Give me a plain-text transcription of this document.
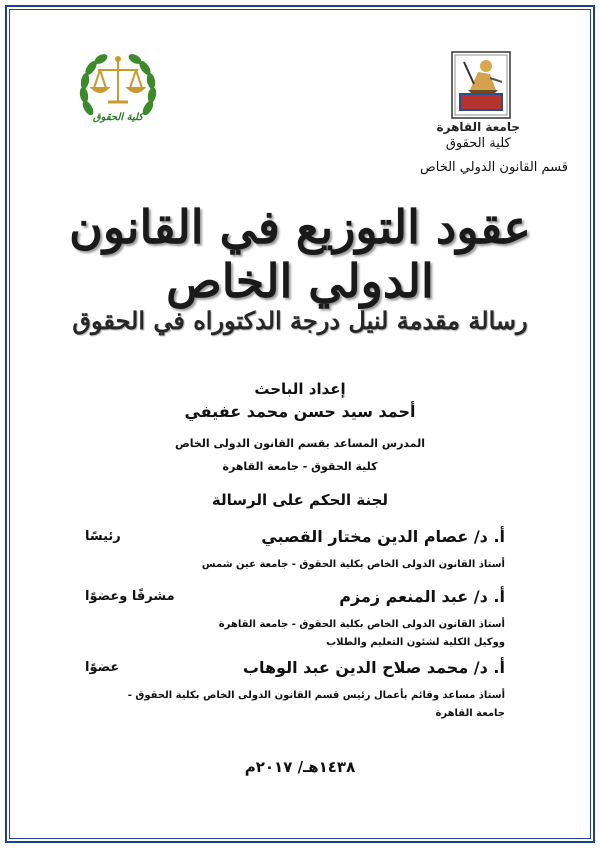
كلية الحقوق
جامعة القاهرة
كلية الحقوق
قسم القانون الدولي الخاص
عقود التوزيع في القانون الدولي الخاص
رسالة مقدمة لنيل درجة الدكتوراه في الحقوق
إعداد الباحث
أحمد سيد حسن محمد عفيفي
المدرس المساعد بقسم القانون الدولى الخاص
كلية الحقوق - جامعة القاهرة
لجنة الحكم على الرسالة
أ. د/ عصام الدين مختار القصبي
رئيسًا
أستاذ القانون الدولى الخاص بكلية الحقوق - جامعة عين شمس
أ. د/ عبد المنعم زمزم
مشرفًا وعضوًا
أستاذ القانون الدولى الخاص بكلية الحقوق - جامعة القاهرة
ووكيل الكلية لشئون التعليم والطلاب
أ. د/ محمد صلاح الدين عبد الوهاب
عضوًا
أستاذ مساعد وقائم بأعمال رئيس قسم القانون الدولى الخاص بكلية الحقوق -
جامعة القاهرة
١٤٣٨هـ/ ٢٠١٧م
